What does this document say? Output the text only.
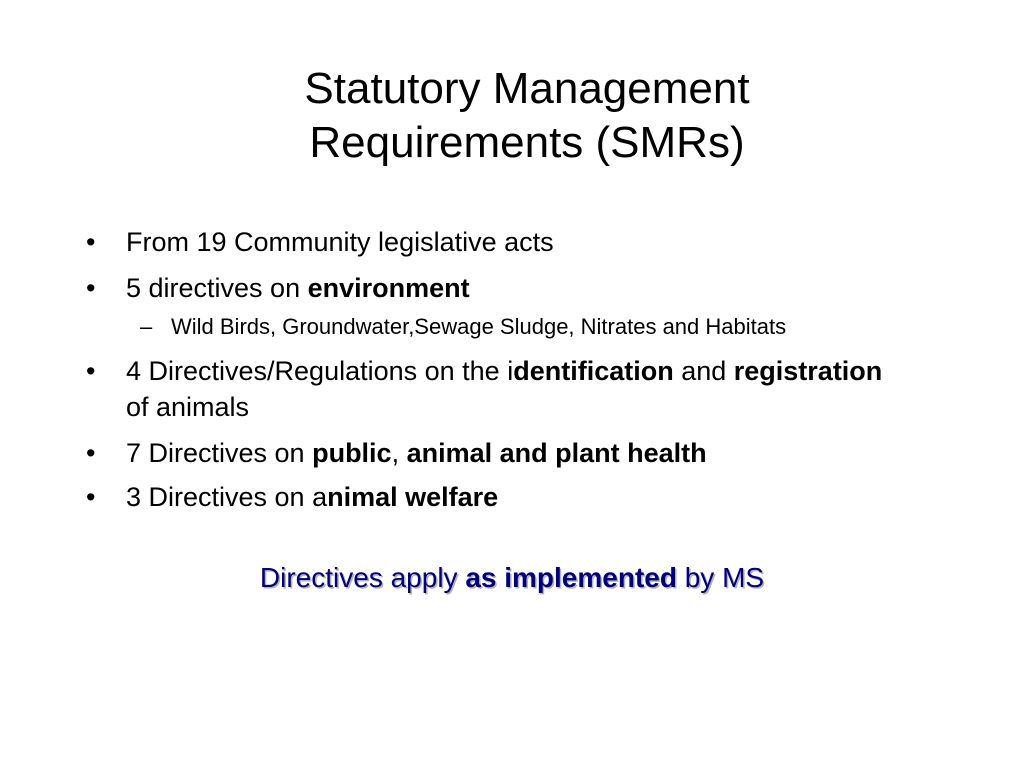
Statutory Management
Requirements (SMRs)
• From 19 Community legislative acts
• 5 directives on environment
– Wild Birds, Groundwater,Sewage Sludge, Nitrates and Habitats
• 4 Directives/Regulations on the identification and registration of animals
• 7 Directives on public, animal and plant health
• 3 Directives on animal welfare
Directives apply as implemented by MS
